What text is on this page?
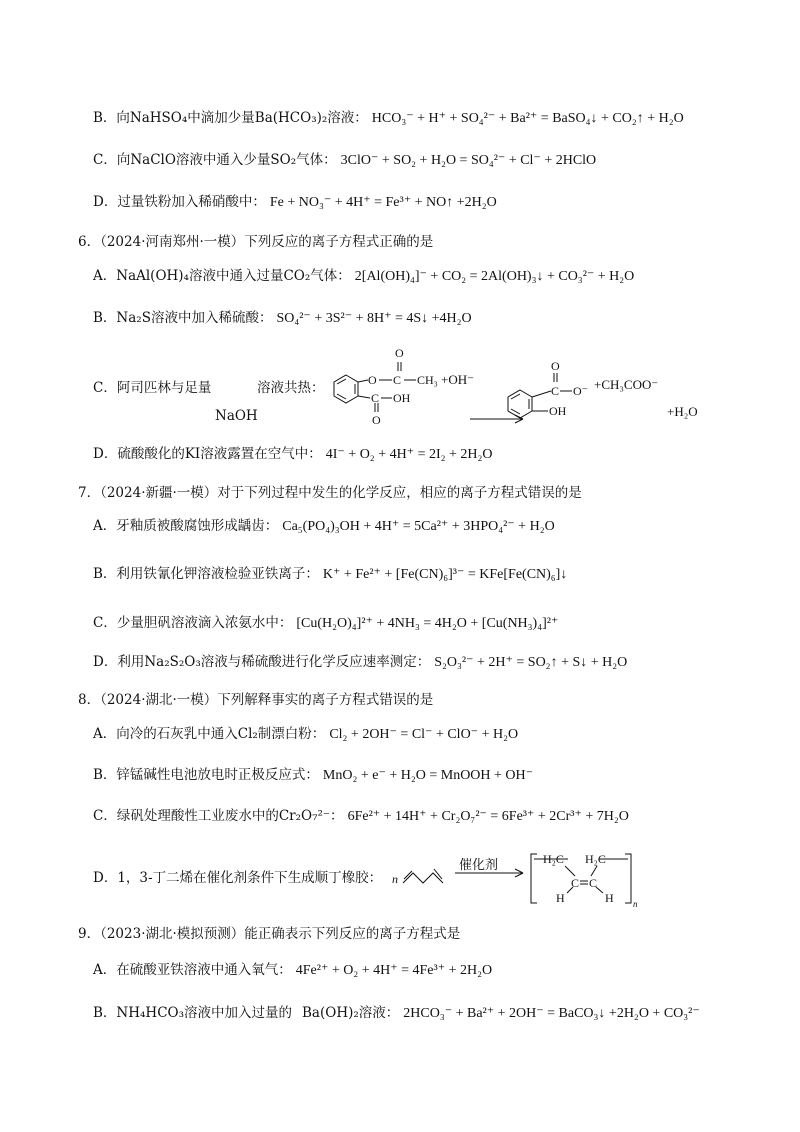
B．向NaHSO₄中滴加少量Ba(HCO₃)₂溶液： HCO₃⁻ + H⁺ + SO₄²⁻ + Ba²⁺ = BaSO₄↓ + CO₂↑ + H₂O
C．向NaClO溶液中通入少量SO₂气体： 3ClO⁻ + SO₂ + H₂O = SO₄²⁻ + Cl⁻ + 2HClO
D．过量铁粉加入稀硝酸中： Fe + NO₃⁻ + 4H⁺ = Fe³⁺ + NO↑ +2H₂O
6．（2024·河南郑州·一模）下列反应的离子方程式正确的是
A．NaAl(OH)₄溶液中通入过量CO₂气体： 2[Al(OH)₄]⁻ + CO₂ = 2Al(OH)₃↓ + CO₃²⁻ + H₂O
B．Na₂S溶液中加入稀硫酸： SO₄²⁻ + 3S²⁻ + 8H⁺ = 4S↓ +4H₂O
C．阿司匹林与足量	溶液共热：
NaOH
O
O C CH₃
C OH
O
+OH⁻
O
C O⁻
OH
+CH₃COO⁻
+H₂O
D．硫酸酸化的KI溶液露置在空气中： 4I⁻ + O₂ + 4H⁺ = 2I₂ + 2H₂O
7．（2024·新疆·一模）对于下列过程中发生的化学反应，相应的离子方程式错误的是
A．牙釉质被酸腐蚀形成龋齿： Ca₅(PO₄)₃OH + 4H⁺ = 5Ca²⁺ + 3HPO₄²⁻ + H₂O
B．利用铁氰化钾溶液检验亚铁离子： K⁺ + Fe²⁺ + [Fe(CN)₆]³⁻ = KFe[Fe(CN)₆]↓
C．少量胆矾溶液滴入浓氨水中： [Cu(H₂O)₄]²⁺ + 4NH₃ = 4H₂O + [Cu(NH₃)₄]²⁺
D．利用Na₂S₂O₃溶液与稀硫酸进行化学反应速率测定： S₂O₃²⁻ + 2H⁺ = SO₂↑ + S↓ + H₂O
8．（2024·湖北·一模）下列解释事实的离子方程式错误的是
A．向冷的石灰乳中通入Cl₂制漂白粉： Cl₂ + 2OH⁻ = Cl⁻ + ClO⁻ + H₂O
B．锌锰碱性电池放电时正极反应式： MnO₂ + e⁻ + H₂O = MnOOH + OH⁻
C．绿矾处理酸性工业废水中的Cr₂O₇²⁻： 6Fe²⁺ + 14H⁺ + Cr₂O₇²⁻ = 6Fe³⁺ + 2Cr³⁺ + 7H₂O
D．1，3-丁二烯在催化剂条件下生成顺丁橡胶： n
催化剂	H₂C H₂C
C C
H	H n
9．（2023·湖北·模拟预测）能正确表示下列反应的离子方程式是
A．在硫酸亚铁溶液中通入氧气： 4Fe²⁺ + O₂ + 4H⁺ = 4Fe³⁺ + 2H₂O
B．NH₄HCO₃溶液中加入过量的 Ba(OH)₂溶液： 2HCO₃⁻ + Ba²⁺ + 2OH⁻ = BaCO₃↓ +2H₂O + CO₃²⁻
